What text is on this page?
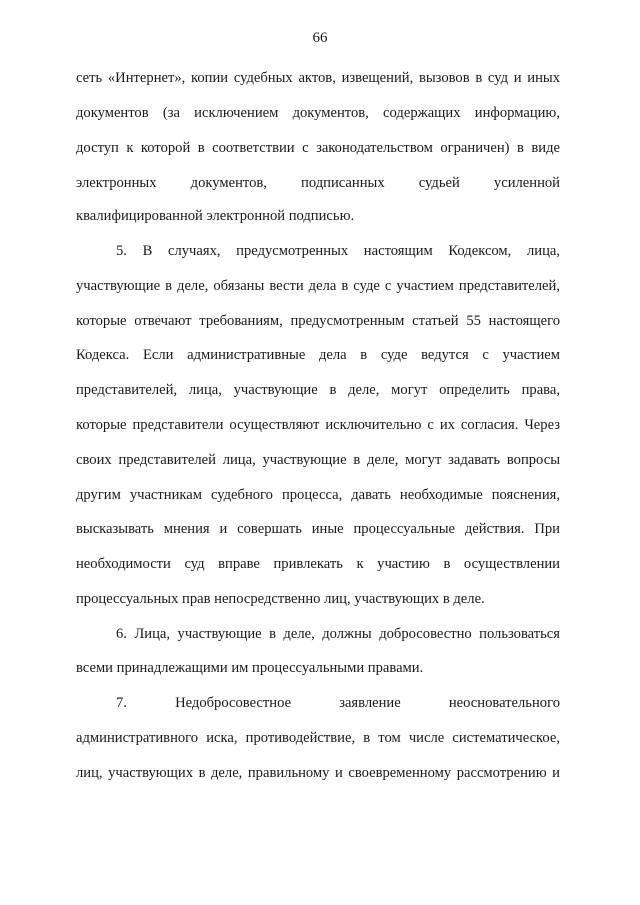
66
сеть «Интернет», копии судебных актов, извещений, вызовов в суд и иных
документов (за исключением документов, содержащих информацию,
доступ к которой в соответствии с законодательством ограничен) в виде
электронных документов, подписанных судьей усиленной
квалифицированной электронной подписью.
5. В случаях, предусмотренных настоящим Кодексом, лица,
участвующие в деле, обязаны вести дела в суде с участием представителей,
которые отвечают требованиям, предусмотренным статьей 55 настоящего
Кодекса. Если административные дела в суде ведутся с участием
представителей, лица, участвующие в деле, могут определить права,
которые представители осуществляют исключительно с их согласия. Через
своих представителей лица, участвующие в деле, могут задавать вопросы
другим участникам судебного процесса, давать необходимые пояснения,
высказывать мнения и совершать иные процессуальные действия. При
необходимости суд вправе привлекать к участию в осуществлении
процессуальных прав непосредственно лиц, участвующих в деле.
6. Лица, участвующие в деле, должны добросовестно пользоваться
всеми принадлежащими им процессуальными правами.
7. Недобросовестное заявление неосновательного
административного иска, противодействие, в том числе систематическое,
лиц, участвующих в деле, правильному и своевременному рассмотрению и
